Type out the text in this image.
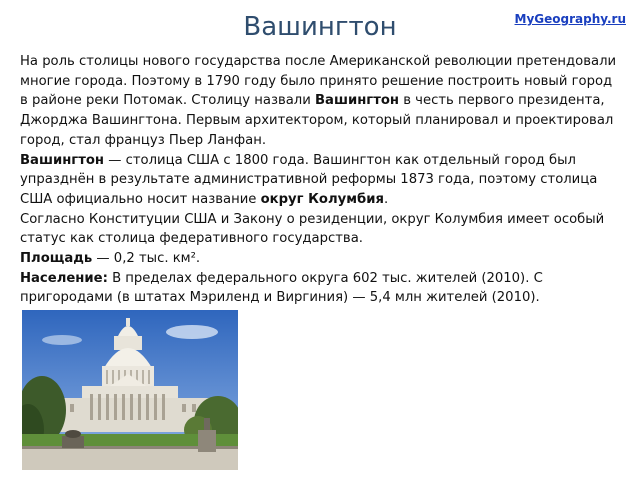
Вашингтон	MyGeography.ru

На роль столицы нового государства после Американской революции претендовали многие города. Поэтому в 1790 году было принято решение построить новый город в районе реки Потомак. Столицу назвали Вашингтон в честь первого президента, Джорджа Вашингтона. Первым архитектором, который планировал и проектировал город, стал француз Пьер Ланфан.

Вашингтон — столица США с 1800 года. Вашингтон как отдельный город был упразднён в результате административной реформы 1873 года, поэтому столица США официально носит название округ Колумбия.

Согласно Конституции США и Закону о резиденции, округ Колумбия имеет особый статус как столица федеративного государства.

Площадь — 0,2 тыс. км².

Население: В пределах федерального округа 602 тыс. жителей (2010). С пригородами (в штатах Мэриленд и Виргиния) — 5,4 млн жителей (2010).
